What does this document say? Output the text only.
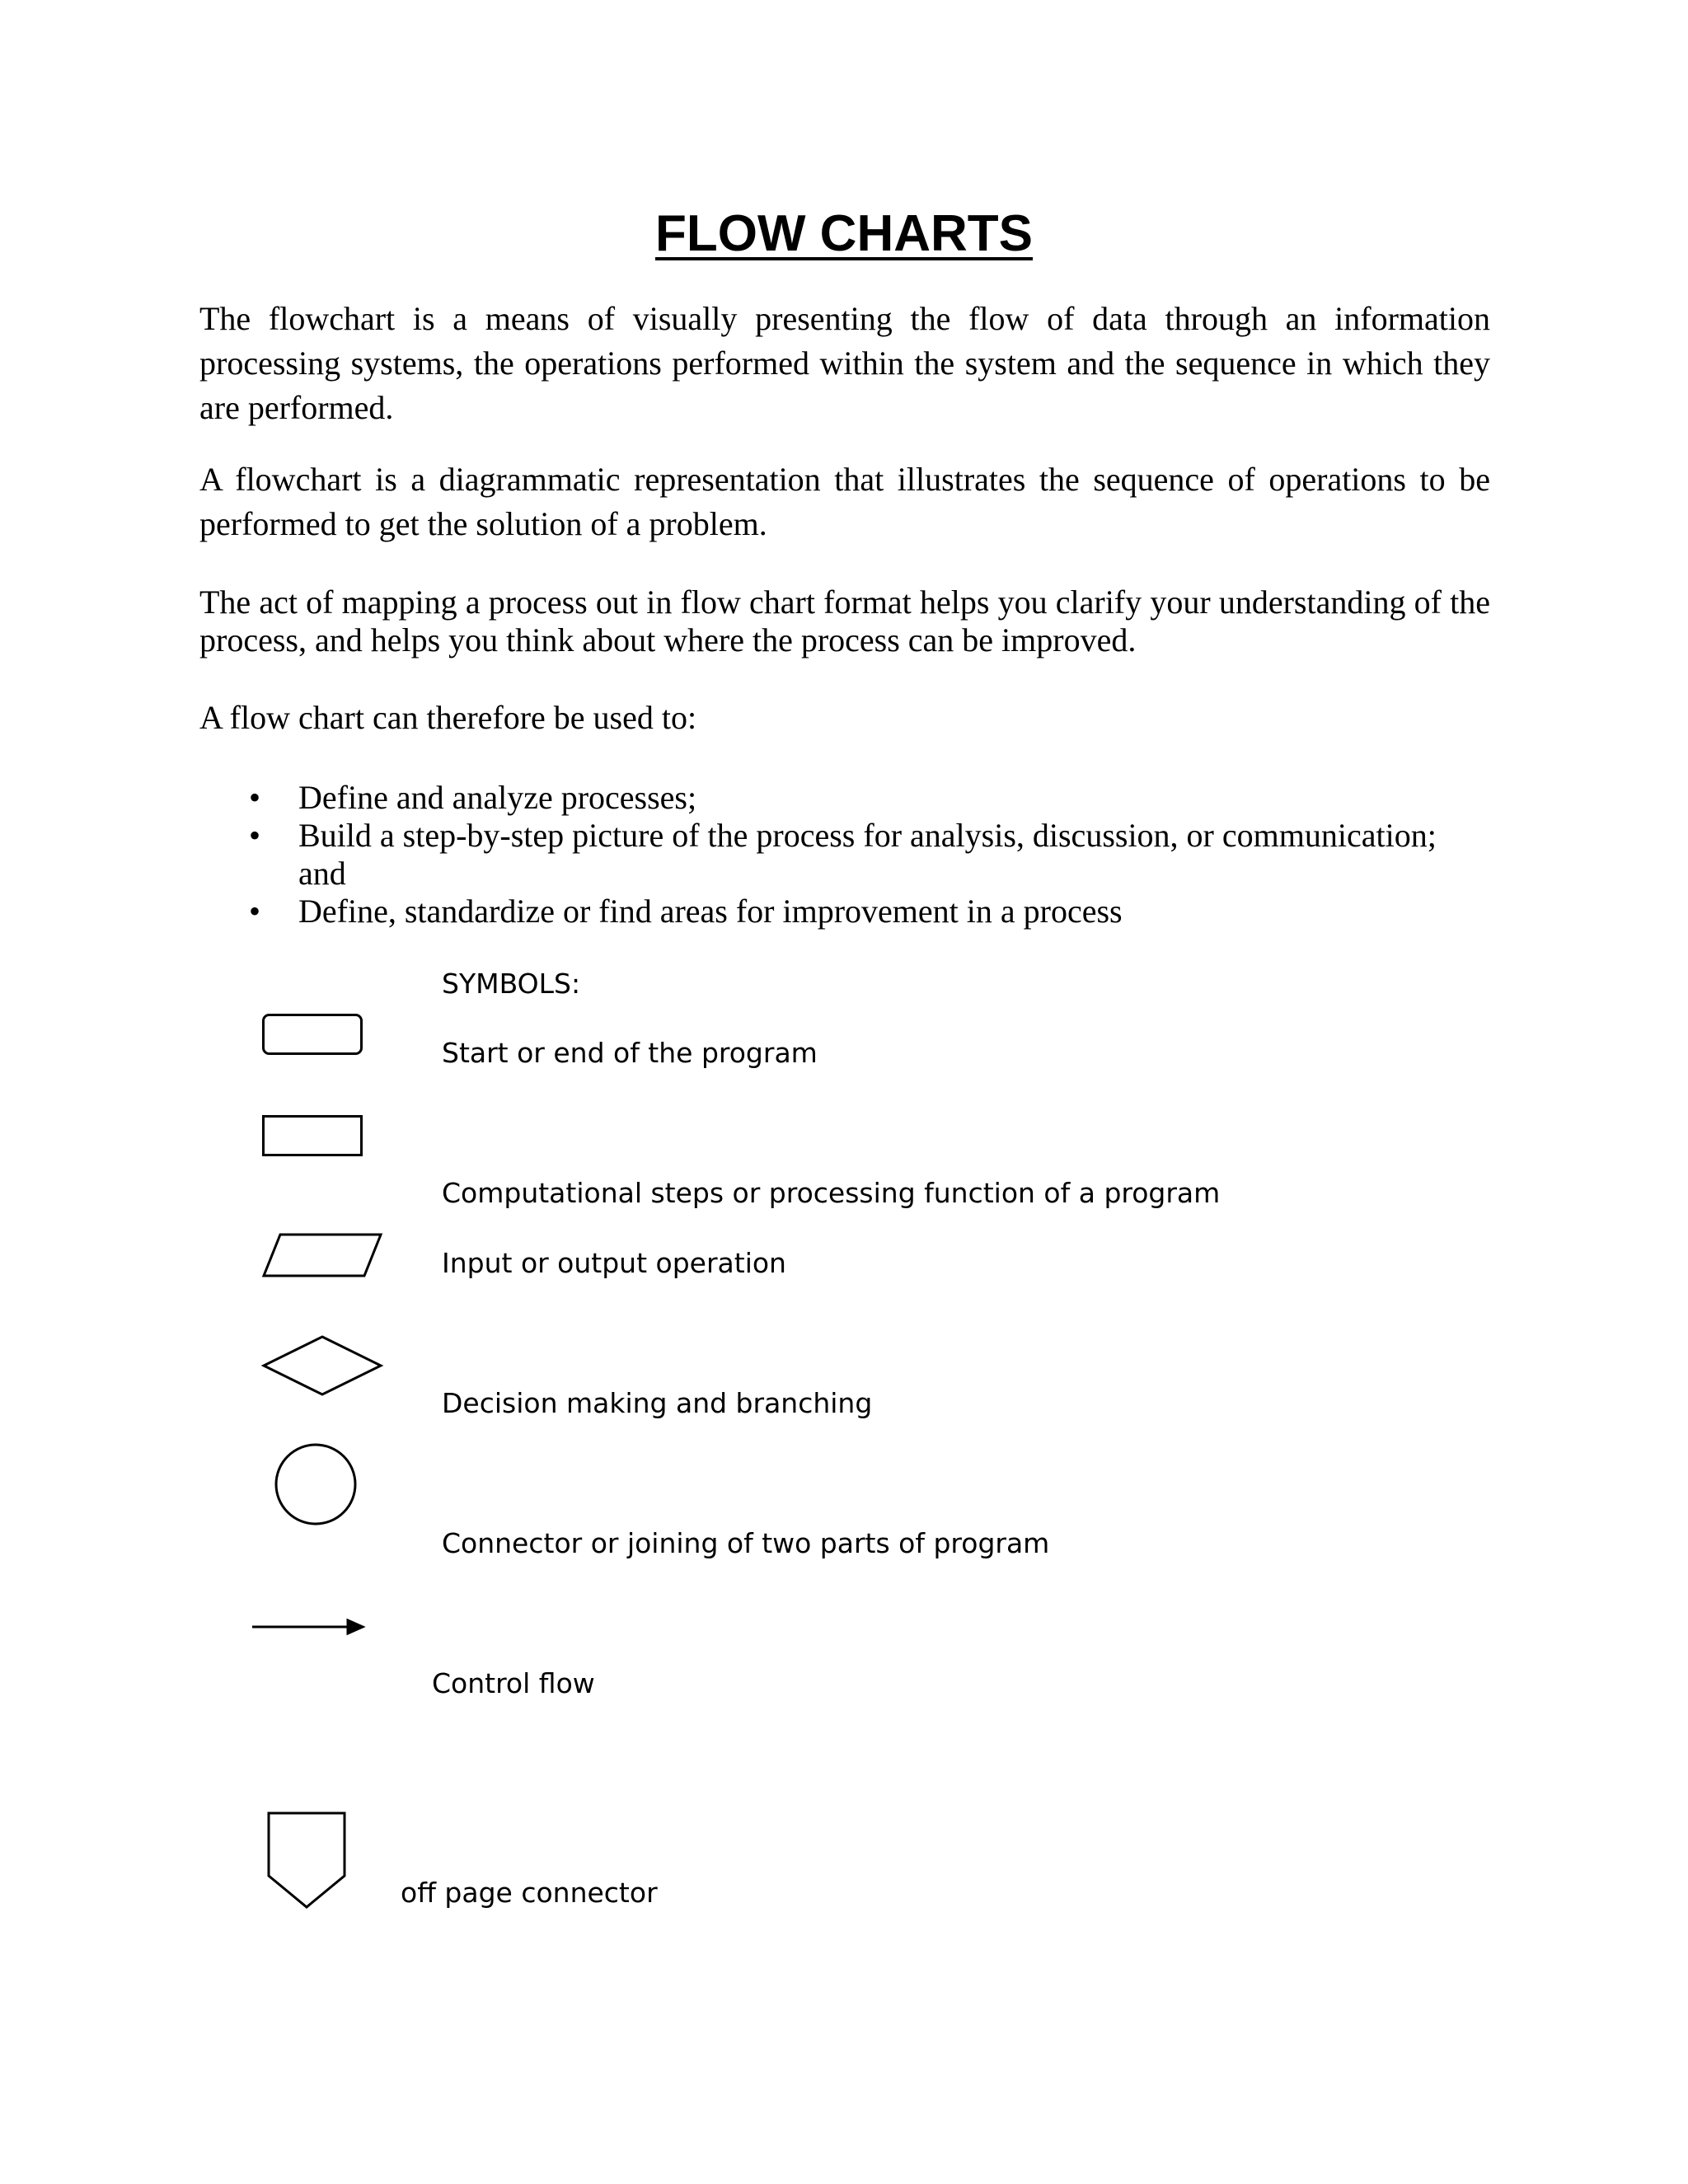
FLOW CHARTS

The flowchart is a means of visually presenting the flow of data through an information processing systems, the operations performed within the system and the sequence in which they are performed.

A flowchart is a diagrammatic representation that illustrates the sequence of operations to be performed to get the solution of a problem.

The act of mapping a process out in flow chart format helps you clarify your understanding of the process, and helps you think about where the process can be improved.

A flow chart can therefore be used to:

• Define and analyze processes;
• Build a step-by-step picture of the process for analysis, discussion, or communication; and
• Define, standardize or find areas for improvement in a process
SYMBOLS:
Start or end of the program
Computational steps or processing function of a program
Input or output operation
Decision making and branching
Connector or joining of two parts of program
Control flow
off page connector
